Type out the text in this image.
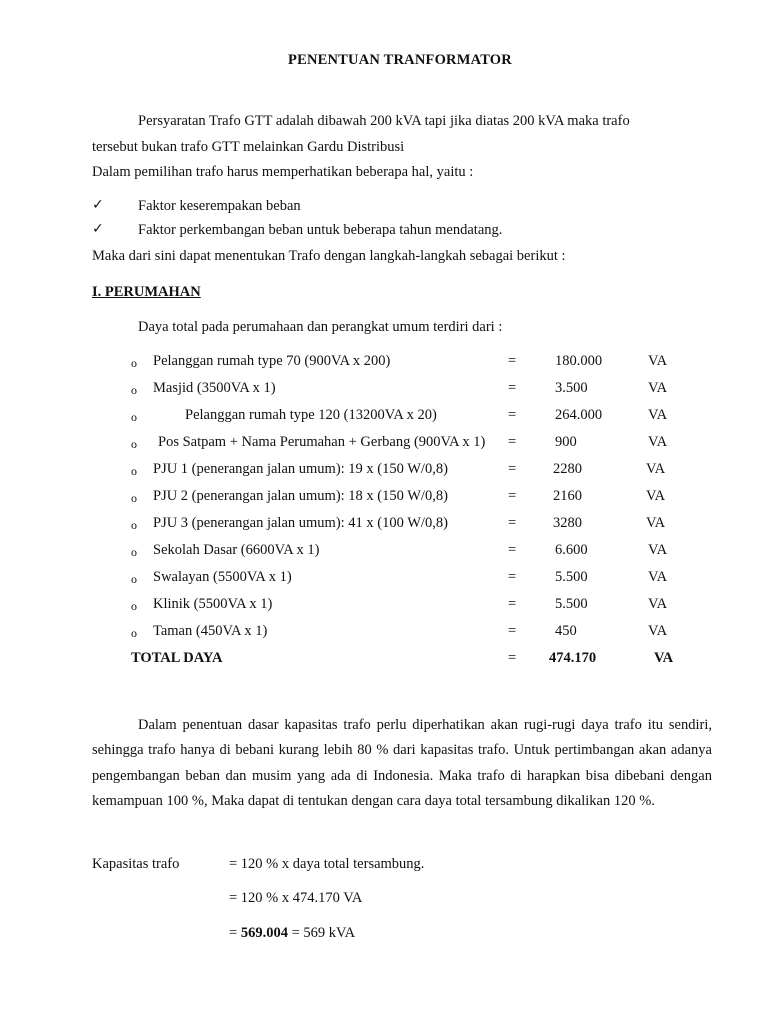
PENENTUAN TRANFORMATOR
Persyaratan Trafo GTT adalah dibawah 200 kVA tapi jika diatas 200 kVA maka trafo
tersebut bukan trafo GTT melainkan Gardu Distribusi
Dalam pemilihan trafo harus memperhatikan beberapa hal, yaitu :
✓ Faktor keserempakan beban
✓ Faktor perkembangan beban untuk beberapa tahun mendatang.
Maka dari sini dapat menentukan Trafo dengan langkah-langkah sebagai berikut :
I. PERUMAHAN
Daya total pada perumahaan dan perangkat umum terdiri dari :
o Pelanggan rumah type 70 (900VA x 200)	=	180.000	VA
o Masjid (3500VA x 1)	=	3.500	VA
o	Pelanggan rumah type 120 (13200VA x 20)	=	264.000	VA
o Pos Satpam + Nama Perumahan + Gerbang (900VA x 1) =	900	VA
o PJU 1 (penerangan jalan umum): 19 x (150 W/0,8)	=	2280	VA
o PJU 2 (penerangan jalan umum): 18 x (150 W/0,8)	=	2160	VA
o PJU 3 (penerangan jalan umum): 41 x (100 W/0,8)	=	3280	VA
o Sekolah Dasar (6600VA x 1)	=	6.600	VA
o Swalayan (5500VA x 1)	=	5.500	VA
o Klinik (5500VA x 1)	=	5.500	VA
o Taman (450VA x 1)	=	450	VA
TOTAL DAYA	= 474.170	VA
Dalam penentuan dasar kapasitas trafo perlu diperhatikan akan rugi-rugi daya trafo itu sendiri, sehingga trafo hanya di bebani kurang lebih 80 % dari kapasitas trafo. Untuk pertimbangan akan adanya pengembangan beban dan musim yang ada di Indonesia. Maka trafo di harapkan bisa dibebani dengan kemampuan 100 %, Maka dapat di tentukan dengan cara daya total tersambung dikalikan 120 %.
Kapasitas trafo	= 120 % x daya total tersambung.
= 120 % x 474.170 VA
= 569.004 = 569 kVA
